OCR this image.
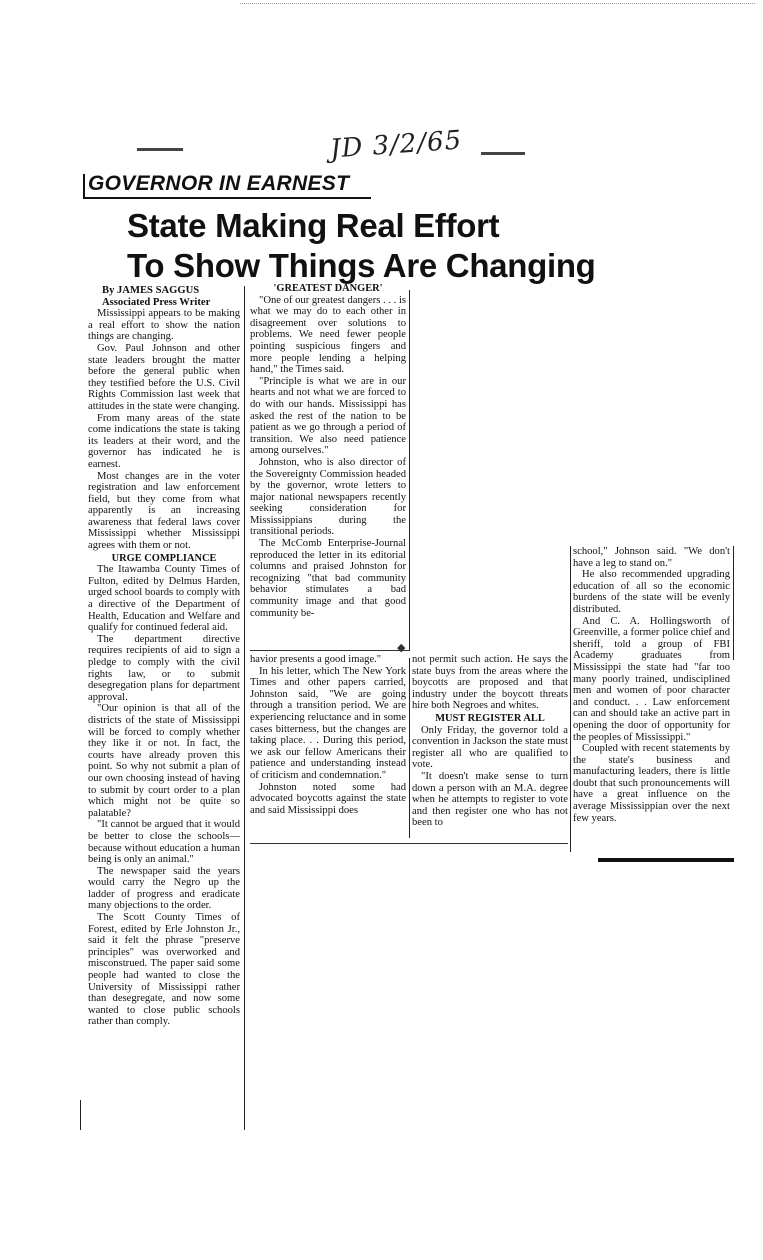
JD 3/2/65
GOVERNOR IN EARNEST
State Making Real Effort
To Show Things Are Changing
◆

By JAMES SAGGUS

Associated Press Writer

Mississippi appears to be making a real effort to show the nation things are changing.

Gov. Paul Johnson and other state leaders brought the matter before the general public when they testified before the U.S. Civil Rights Commission last week that attitudes in the state were changing.

From many areas of the state come indications the state is taking its leaders at their word, and the governor has indicated he is earnest.

Most changes are in the voter registration and law enforcement field, but they come from what apparently is an increasing awareness that federal laws cover Mississippi whether Mississippi agrees with them or not.

URGE COMPLIANCE

The Itawamba County Times of Fulton, edited by Delmus Harden, urged school boards to comply with a directive of the Department of Health, Education and Welfare and qualify for continued federal aid.

The department directive requires recipients of aid to sign a pledge to comply with the civil rights law, or to submit desegregation plans for department approval.

"Our opinion is that all of the districts of the state of Mississippi will be forced to comply whether they like it or not. In fact, the courts have already proven this point. So why not submit a plan of our own choosing instead of having to submit by court order to a plan which might not be quite so palatable?

"It cannot be argued that it would be better to close the schools—because without education a human being is only an animal."

The newspaper said the years would carry the Negro up the ladder of progress and eradicate many objections to the order.

The Scott County Times of Forest, edited by Erle Johnston Jr., said it felt the phrase "preserve principles" was overworked and misconstrued. The paper said some people had wanted to close the University of Mississippi rather than desegregate, and now some wanted to close public schools rather than comply.

'GREATEST DANGER'

"One of our greatest dangers . . . is what we may do to each other in disagreement over solutions to problems. We need fewer people pointing suspicious fingers and more people lending a helping hand," the Times said.

"Principle is what we are in our hearts and not what we are forced to do with our hands. Mississippi has asked the rest of the nation to be patient as we go through a period of transition. We also need patience among ourselves."

Johnston, who is also director of the Sovereignty Commission headed by the governor, wrote letters to major national newspapers recently seeking consideration for Mississippians during the transitional periods.

The McComb Enterprise-Journal reproduced the letter in its editorial columns and praised Johnston for recognizing "that bad community behavior stimulates a bad community image and that good community be-

havior presents a good image."

In his letter, which The New York Times and other papers carried, Johnston said, "We are going through a transition period. We are experiencing reluctance and in some cases bitterness, but the changes are taking place. . . During this period, we ask our fellow Americans their patience and understanding instead of criticism and condemnation."

Johnston noted some had advocated boycotts against the state and said Mississippi does

not permit such action. He says the state buys from the areas where the boycotts are proposed and that industry under the boycott threats hire both Negroes and whites.

MUST REGISTER ALL

Only Friday, the governor told a convention in Jackson the state must register all who are qualified to vote.

"It doesn't make sense to turn down a person with an M.A. degree when he attempts to register to vote and then register one who has not been to

school," Johnson said. "We don't have a leg to stand on."

He also recommended upgrading education of all so the economic burdens of the state will be evenly distributed.

And C. A. Hollingsworth of Greenville, a former police chief and sheriff, told a group of FBI Academy graduates from Mississippi the state had "far too many poorly trained, undisciplined men and women of poor character and conduct. . . Law enforcement can and should take an active part in opening the door of opportunity for the peoples of Mississippi."

Coupled with recent statements by the state's business and manufacturing leaders, there is little doubt that such pronouncements will have a great influence on the average Mississippian over the next few years.
